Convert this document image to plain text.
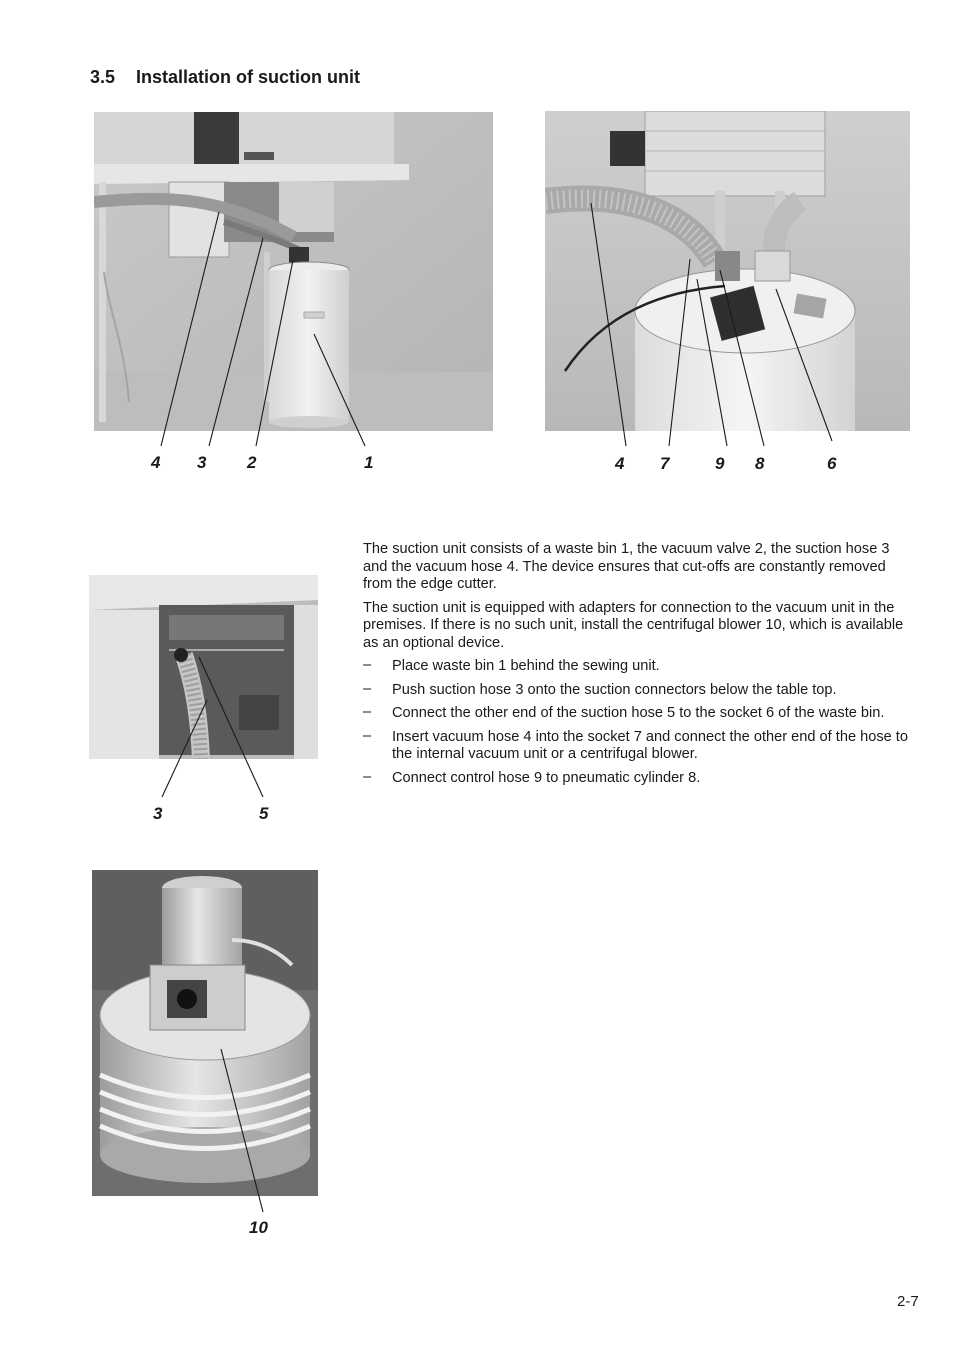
3.5 Installation of suction unit
4 3 2	1	4 7	9 8	6
3	5
10

The suction unit consists of a waste bin 1, the vacuum valve 2, the suction hose 3 and the vacuum hose 4. The device ensures that cut-offs are constantly removed from the edge cutter.

The suction unit is equipped with adapters for connection to the vacuum unit in the premises. If there is no such unit, install the centrifugal blower 10, which is available as an optional device.

– Place waste bin 1 behind the sewing unit.
– Push suction hose 3 onto the suction connectors below the table top.
– Connect the other end of the suction hose 5 to the socket 6 of the waste bin.
– Insert vacuum hose 4 into the socket 7 and connect the other end of the hose to the internal vacuum unit or a centrifugal blower.
– Connect control hose 9 to pneumatic cylinder 8.
2-7
